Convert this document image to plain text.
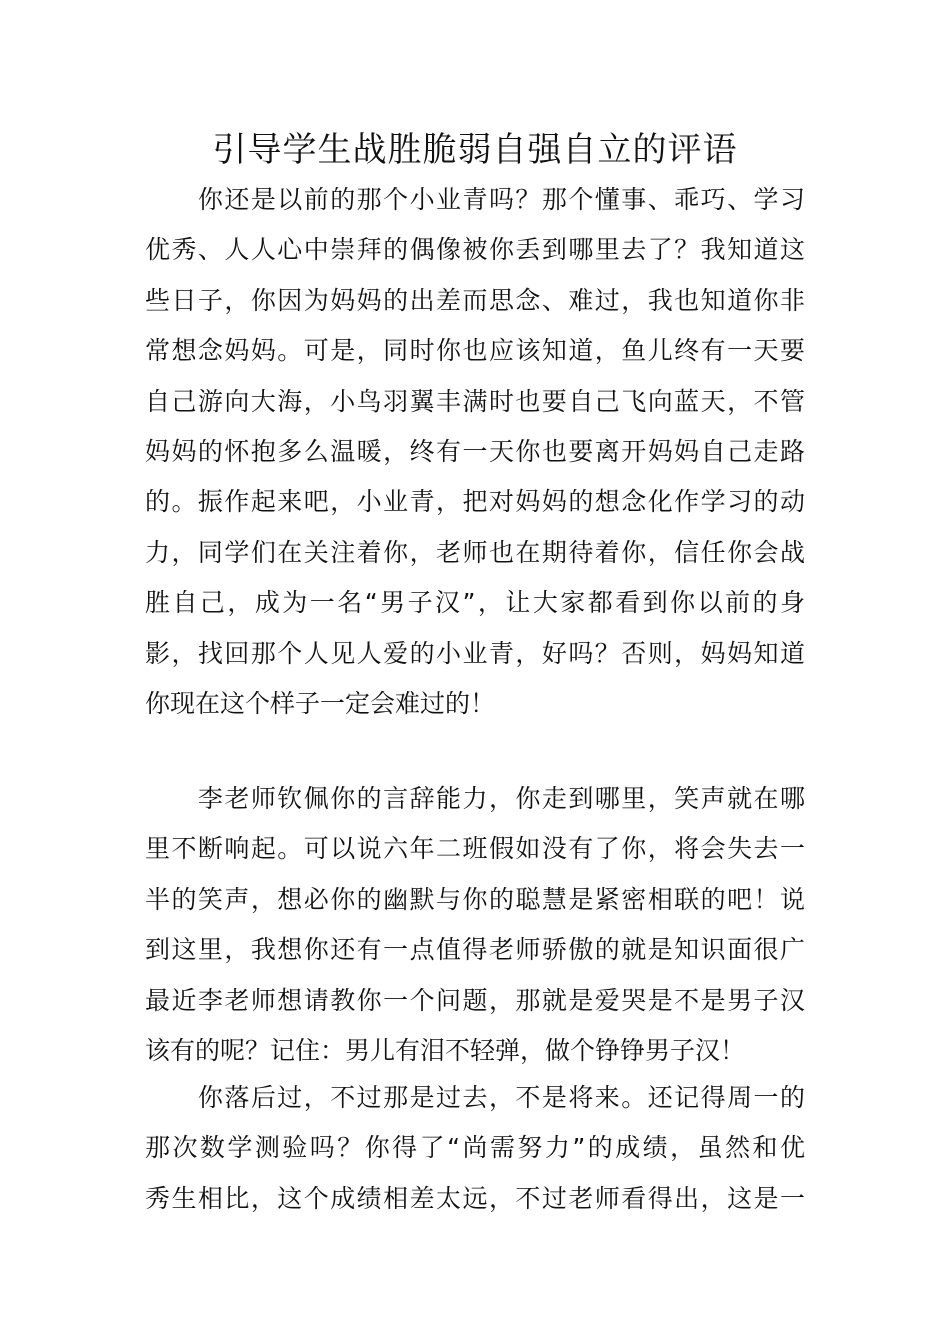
引导学生战胜脆弱自强自立的评语
　　你还是以前的那个小业青吗？那个懂事、乖巧、学习
优秀、人人心中崇拜的偶像被你丢到哪里去了？我知道这
些日子，你因为妈妈的出差而思念、难过，我也知道你非
常想念妈妈。可是，同时你也应该知道，鱼儿终有一天要
自己游向大海，小鸟羽翼丰满时也要自己飞向蓝天，不管
妈妈的怀抱多么温暖，终有一天你也要离开妈妈自己走路
的。振作起来吧，小业青，把对妈妈的想念化作学习的动
力，同学们在关注着你，老师也在期待着你，信任你会战
胜自己，成为一名“男子汉”，让大家都看到你以前的身
影，找回那个人见人爱的小业青，好吗？否则，妈妈知道
你现在这个样子一定会难过的！
　　李老师钦佩你的言辞能力，你走到哪里，笑声就在哪
里不断响起。可以说六年二班假如没有了你，将会失去一
半的笑声，想必你的幽默与你的聪慧是紧密相联的吧！说
到这里，我想你还有一点值得老师骄傲的就是知识面很广
最近李老师想请教你一个问题，那就是爱哭是不是男子汉
该有的呢？记住：男儿有泪不轻弹，做个铮铮男子汉！
　　你落后过，不过那是过去，不是将来。还记得周一的
那次数学测验吗？你得了“尚需努力”的成绩，虽然和优
秀生相比，这个成绩相差太远，不过老师看得出，这是一
